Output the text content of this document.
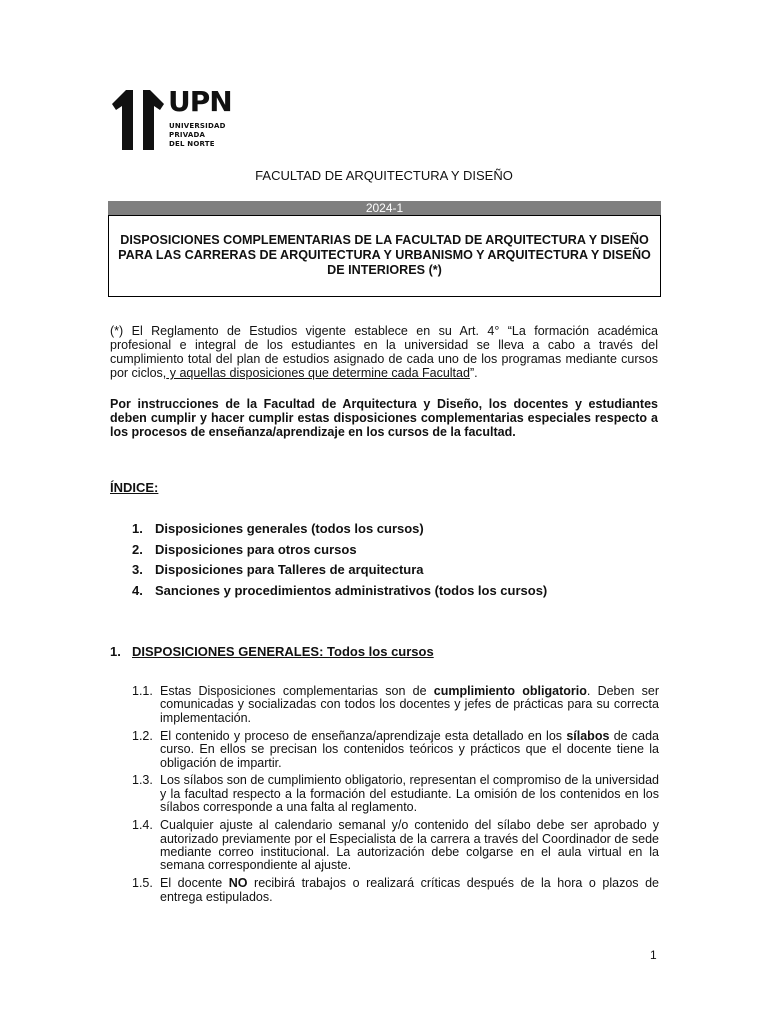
UPN
UNIVERSIDAD
PRIVADA
DEL NORTE
FACULTAD DE ARQUITECTURA Y DISEÑO
2024-1
DISPOSICIONES COMPLEMENTARIAS DE LA FACULTAD DE ARQUITECTURA Y DISEÑO PARA LAS CARRERAS DE ARQUITECTURA Y URBANISMO Y ARQUITECTURA Y DISEÑO DE INTERIORES (*)
(*) El Reglamento de Estudios vigente establece en su Art. 4° “La formación académica profesional e integral de los estudiantes en la universidad se lleva a cabo a través del cumplimiento total del plan de estudios asignado de cada uno de los programas mediante cursos por ciclos, y aquellas disposiciones que determine cada Facultad”.
Por instrucciones de la Facultad de Arquitectura y Diseño, los docentes y estudiantes deben cumplir y hacer cumplir estas disposiciones complementarias especiales respecto a los procesos de enseñanza/aprendizaje en los cursos de la facultad.
ÍNDICE:
1. Disposiciones generales (todos los cursos)
2. Disposiciones para otros cursos
3. Disposiciones para Talleres de arquitectura
4. Sanciones y procedimientos administrativos (todos los cursos)
1. DISPOSICIONES GENERALES: Todos los cursos
1.1. Estas Disposiciones complementarias son de cumplimiento obligatorio. Deben ser comunicadas y socializadas con todos los docentes y jefes de prácticas para su correcta implementación.
1.2. El contenido y proceso de enseñanza/aprendizaje esta detallado en los sílabos de cada curso. En ellos se precisan los contenidos teóricos y prácticos que el docente tiene la obligación de impartir.
1.3. Los sílabos son de cumplimiento obligatorio, representan el compromiso de la universidad y la facultad respecto a la formación del estudiante. La omisión de los contenidos en los sílabos corresponde a una falta al reglamento.
1.4. Cualquier ajuste al calendario semanal y/o contenido del sílabo debe ser aprobado y autorizado previamente por el Especialista de la carrera a través del Coordinador de sede mediante correo institucional. La autorización debe colgarse en el aula virtual en la semana correspondiente al ajuste.
1.5. El docente NO recibirá trabajos o realizará críticas después de la hora o plazos de entrega estipulados.
1
